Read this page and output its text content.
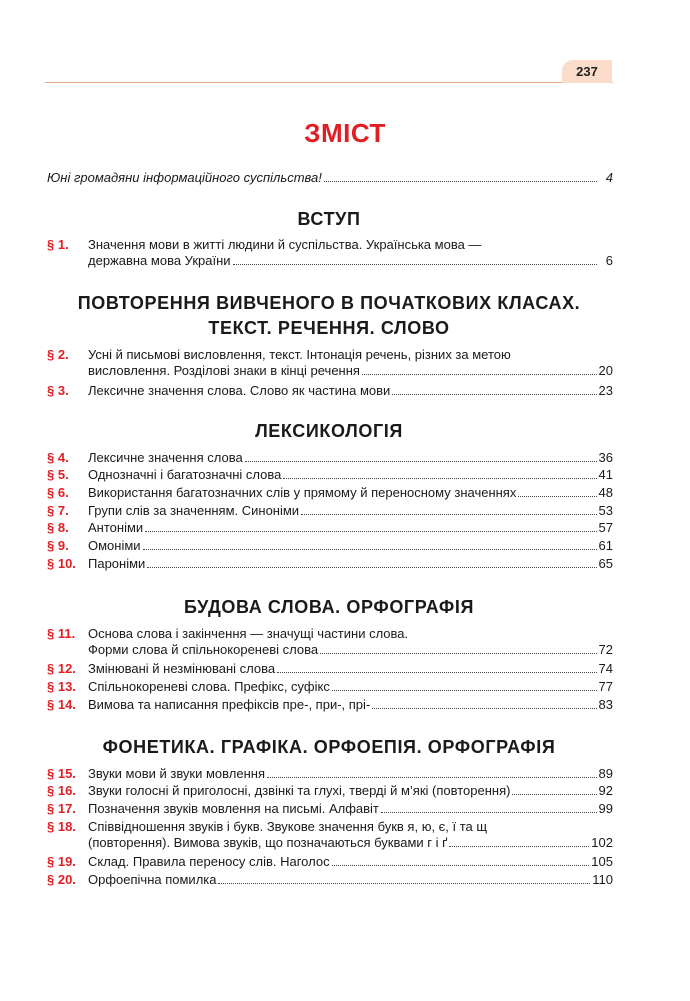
237
ЗМІСТ
Юні громадяни інформаційного суспільства!	4
ВСТУП
ПОВТОРЕННЯ ВИВЧЕНОГО В ПОЧАТКОВИХ КЛАСАХ.
ТЕКСТ. РЕЧЕННЯ. СЛОВО
ЛЕКСИКОЛОГІЯ
БУДОВА СЛОВА. ОРФОГРАФІЯ
ФОНЕТИКА. ГРАФІКА. ОРФОЕПІЯ. ОРФОГРАФІЯ
§ 1.	Значення мови в житті людини й суспільства. Українська мова —
державна мова України	6
§ 2.	Усні й письмові висловлення, текст. Інтонація речень, різних за метою
висловлення. Розділові знаки в кінці речення	20
§ 3.	Лексичне значення слова. Слово як частина мови	23
§ 4.	Лексичне значення слова	36
§ 5.	Однозначні і багатозначні слова	41
§ 6.	Використання багатозначних слів у прямому й переносному значеннях	48
§ 7.	Групи слів за значенням. Синоніми	53
§ 8.	Антоніми	57
§ 9.	Омоніми	61
§ 10. Пароніми	65
§ 11. Основа слова і закінчення — значущі частини слова.
Форми слова й спільнокореневі слова	72
§ 12. Змінювані й незмінювані слова	74
§ 13. Спільнокореневі слова. Префікс, суфікс	77
§ 14. Вимова та написання префіксів пре-, при-, прі-	83
§ 15. Звуки мови й звуки мовлення	89
§ 16. Звуки голосні й приголосні, дзвінкі та глухі, тверді й м’які (повторення)	92
§ 17. Позначення звуків мовлення на письмі. Алфавіт	99
§ 18. Співвідношення звуків і букв. Звукове значення букв я, ю, є, ї та щ
(повторення). Вимова звуків, що позначаються буквами г і ґ	102
§ 19. Склад. Правила переносу слів. Наголос	105
§ 20. Орфоепічна помилка	110
